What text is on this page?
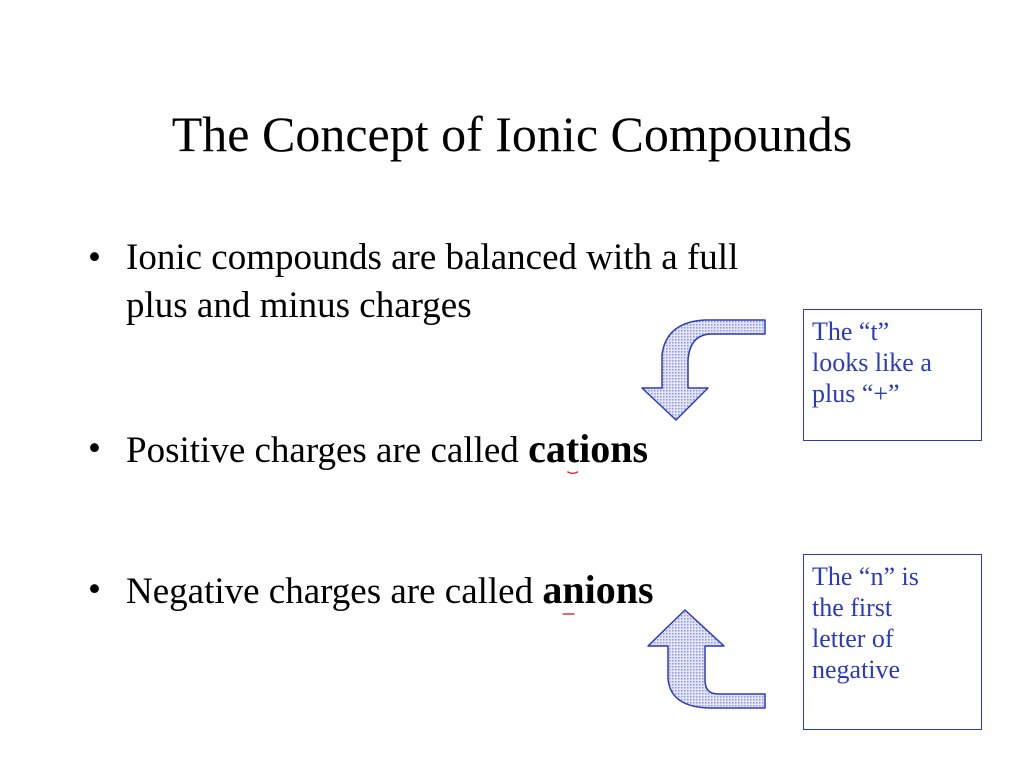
The Concept of Ionic Compounds
• Ionic compounds are balanced with a full
plus and minus charges
• Positive charges are called cat
ions
• Negative charges are called an
ions
The “t”
looks like a
plus “+”
The “n” is
the first
letter of
negative
